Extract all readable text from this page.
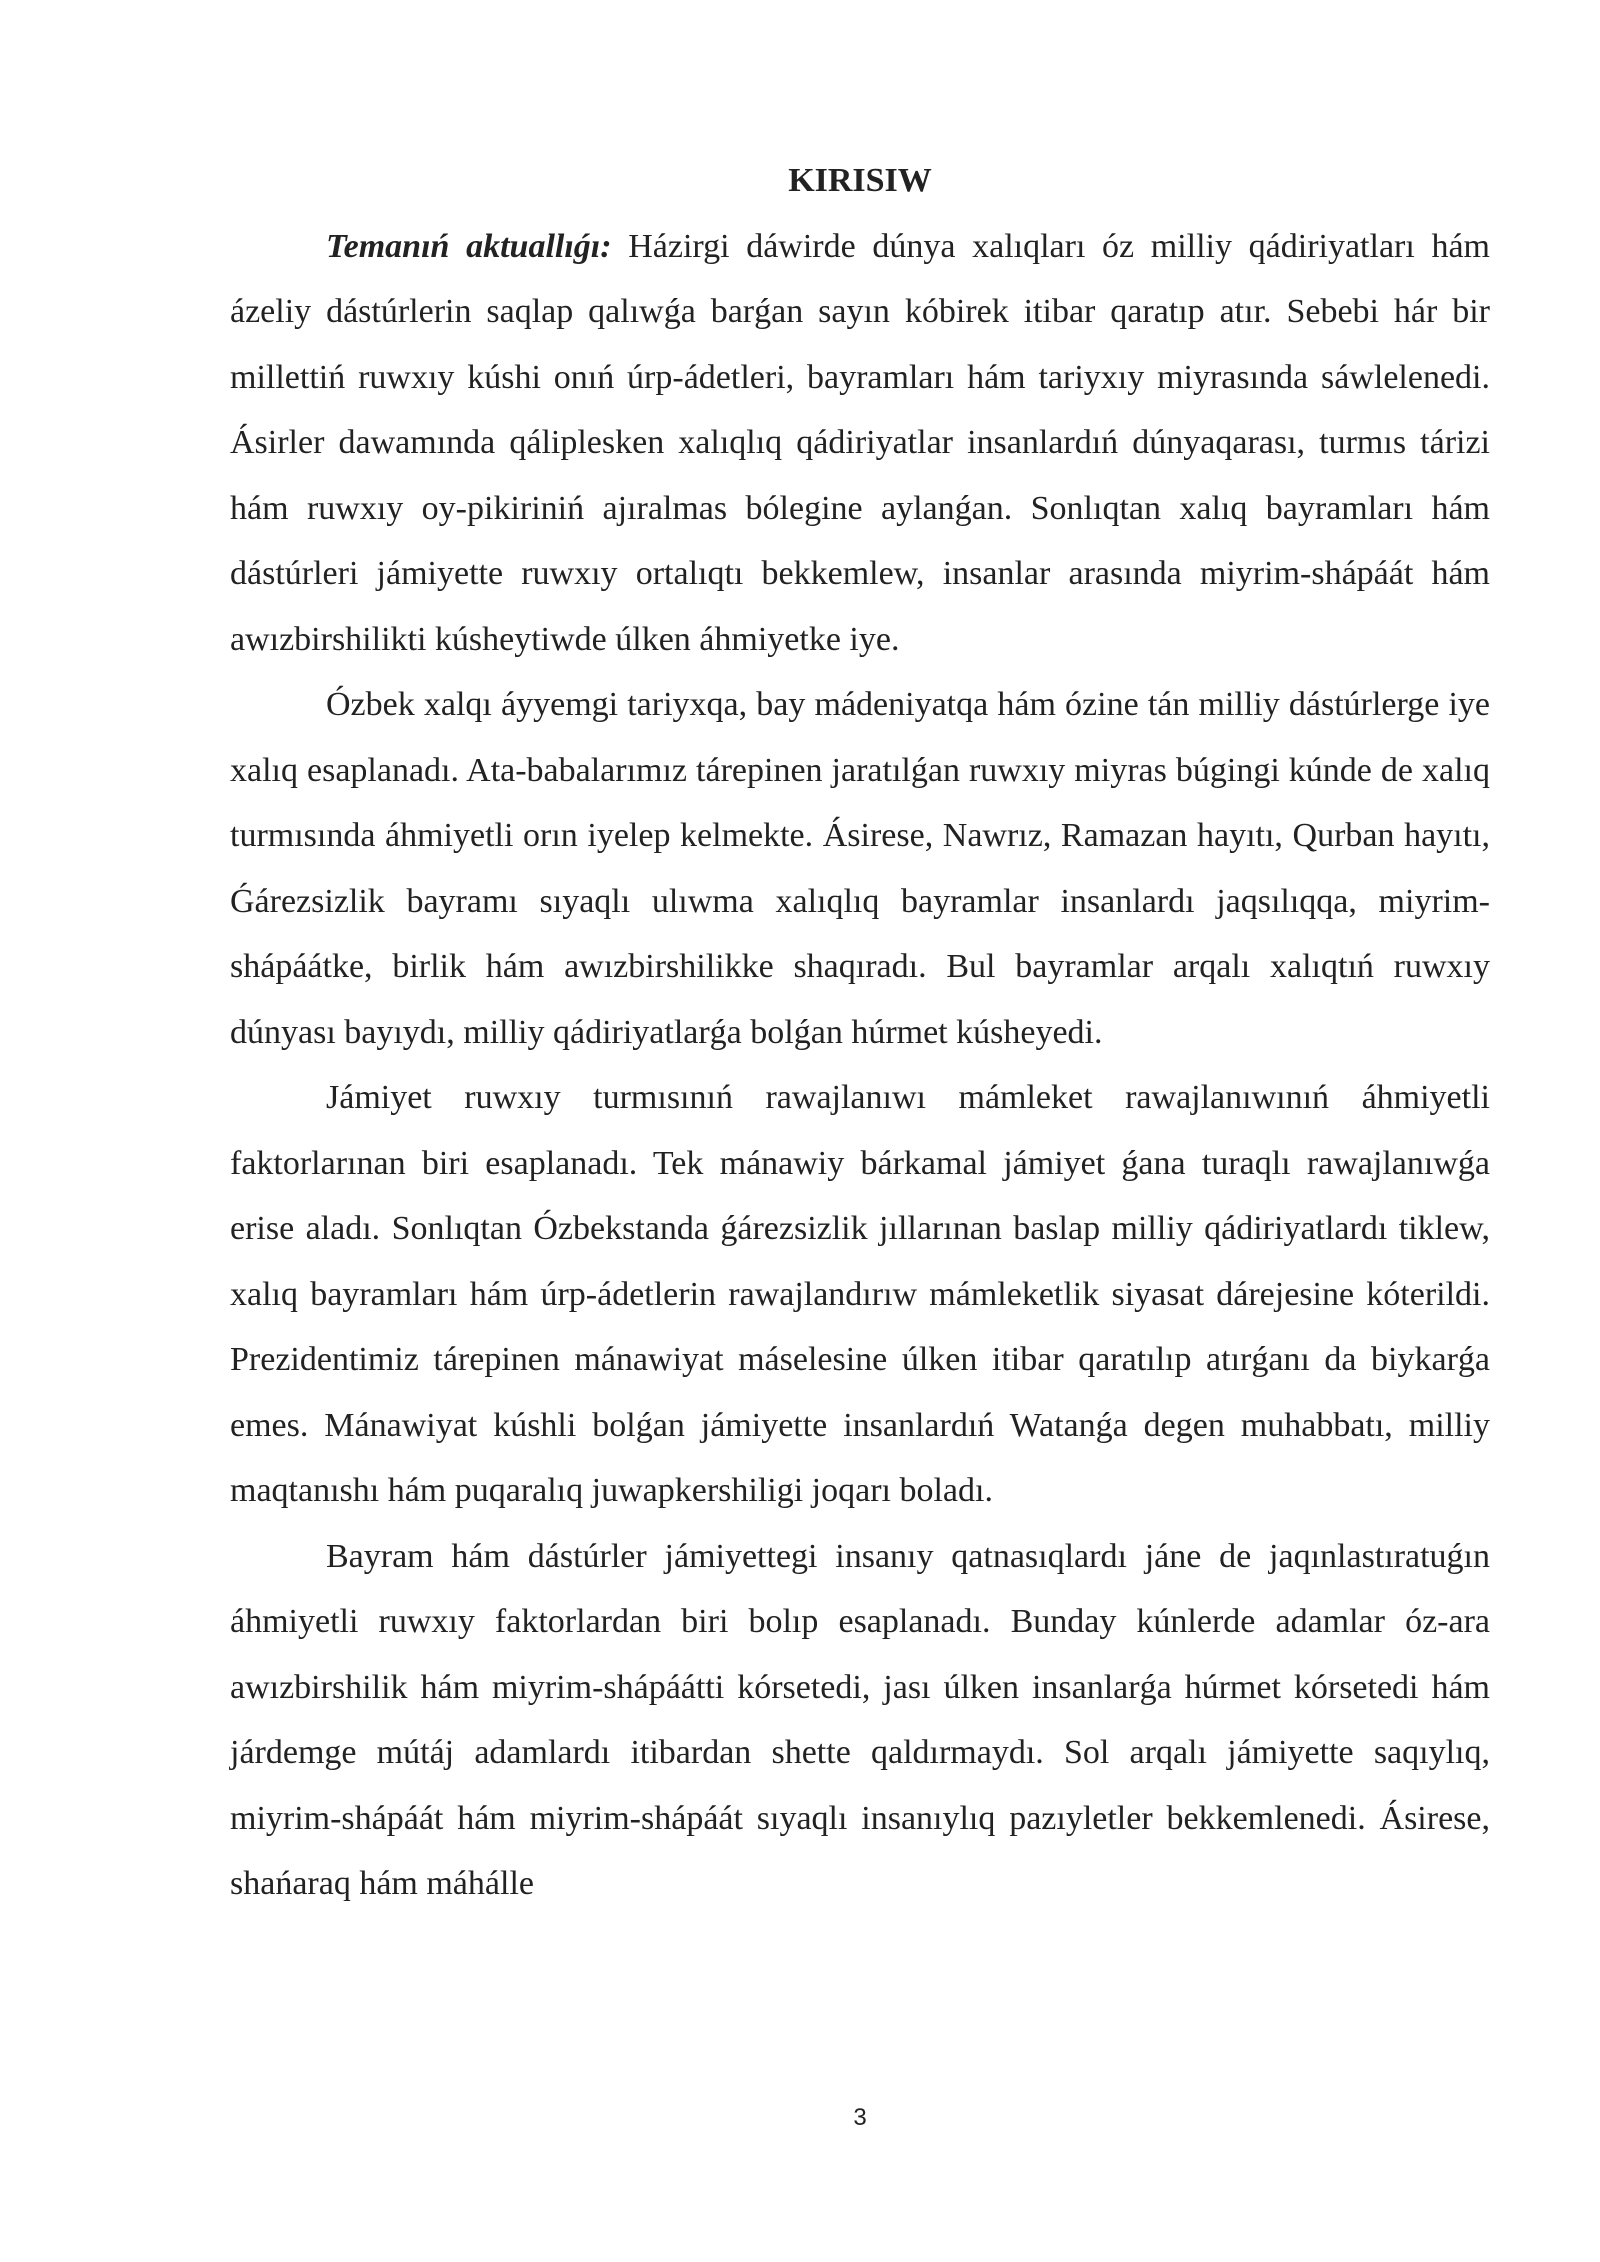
KIRISIW

Temanıń aktuallıǵı: Házirgi dáwirde dúnya xalıqları óz milliy qádiriyatları hám ázeliy dástúrlerin saqlap qalıwǵa barǵan sayın kóbirek itibar qaratıp atır. Sebebi hár bir millettiń ruwxıy kúshi onıń úrp-ádetleri, bayramları hám tariyxıy miyrasında sáwlelenedi. Ásirler dawamında qáliplesken xalıqlıq qádiriyatlar insanlardıń dúnyaqarası, turmıs tárizi hám ruwxıy oy-pikiriniń ajıralmas bólegine aylanǵan. Sonlıqtan xalıq bayramları hám dástúrleri jámiyette ruwxıy ortalıqtı bekkemlew, insanlar arasında miyrim-shápáát hám awızbirshilikti kúsheytiwde úlken áhmiyetke iye.

Ózbek xalqı áyyemgi tariyxqa, bay mádeniyatqa hám ózine tán milliy dástúrlerge iye xalıq esaplanadı. Ata-babalarımız tárepinen jaratılǵan ruwxıy miyras búgingi kúnde de xalıq turmısında áhmiyetli orın iyelep kelmekte. Ásirese, Nawrız, Ramazan hayıtı, Qurban hayıtı, Ǵárezsizlik bayramı sıyaqlı ulıwma xalıqlıq bayramlar insanlardı jaqsılıqqa, miyrim-shápáátke, birlik hám awızbirshilikke shaqıradı. Bul bayramlar arqalı xalıqtıń ruwxıy dúnyası bayıydı, milliy qádiriyatlarǵa bolǵan húrmet kúsheyedi.

Jámiyet ruwxıy turmısınıń rawajlanıwı mámleket rawajlanıwınıń áhmiyetli faktorlarınan biri esaplanadı. Tek mánawiy bárkamal jámiyet ǵana turaqlı rawajlanıwǵa erise aladı. Sonlıqtan Ózbekstanda ǵárezsizlik jıllarınan baslap milliy qádiriyatlardı tiklew, xalıq bayramları hám úrp-ádetlerin rawajlandırıw mámleketlik siyasat dárejesine kóterildi. Prezidentimiz tárepinen mánawiyat máselesine úlken itibar qaratılıp atırǵanı da biykarǵa emes. Mánawiyat kúshli bolǵan jámiyette insanlardıń Watanǵa degen muhabbatı, milliy maqtanıshı hám puqaralıq juwapkershiligi joqarı boladı.

Bayram hám dástúrler jámiyettegi insanıy qatnasıqlardı jáne de jaqınlastıratuǵın áhmiyetli ruwxıy faktorlardan biri bolıp esaplanadı. Bunday kúnlerde adamlar óz-ara awızbirshilik hám miyrim-shápáátti kórsetedi, jası úlken insanlarǵa húrmet kórsetedi hám járdemge mútáj adamlardı itibardan shette qaldırmaydı. Sol arqalı jámiyette saqıylıq, miyrim-shápáát hám miyrim-shápáát sıyaqlı insanıylıq pazıyletler bekkemlenedi. Ásirese, shańaraq hám máhálle

3
